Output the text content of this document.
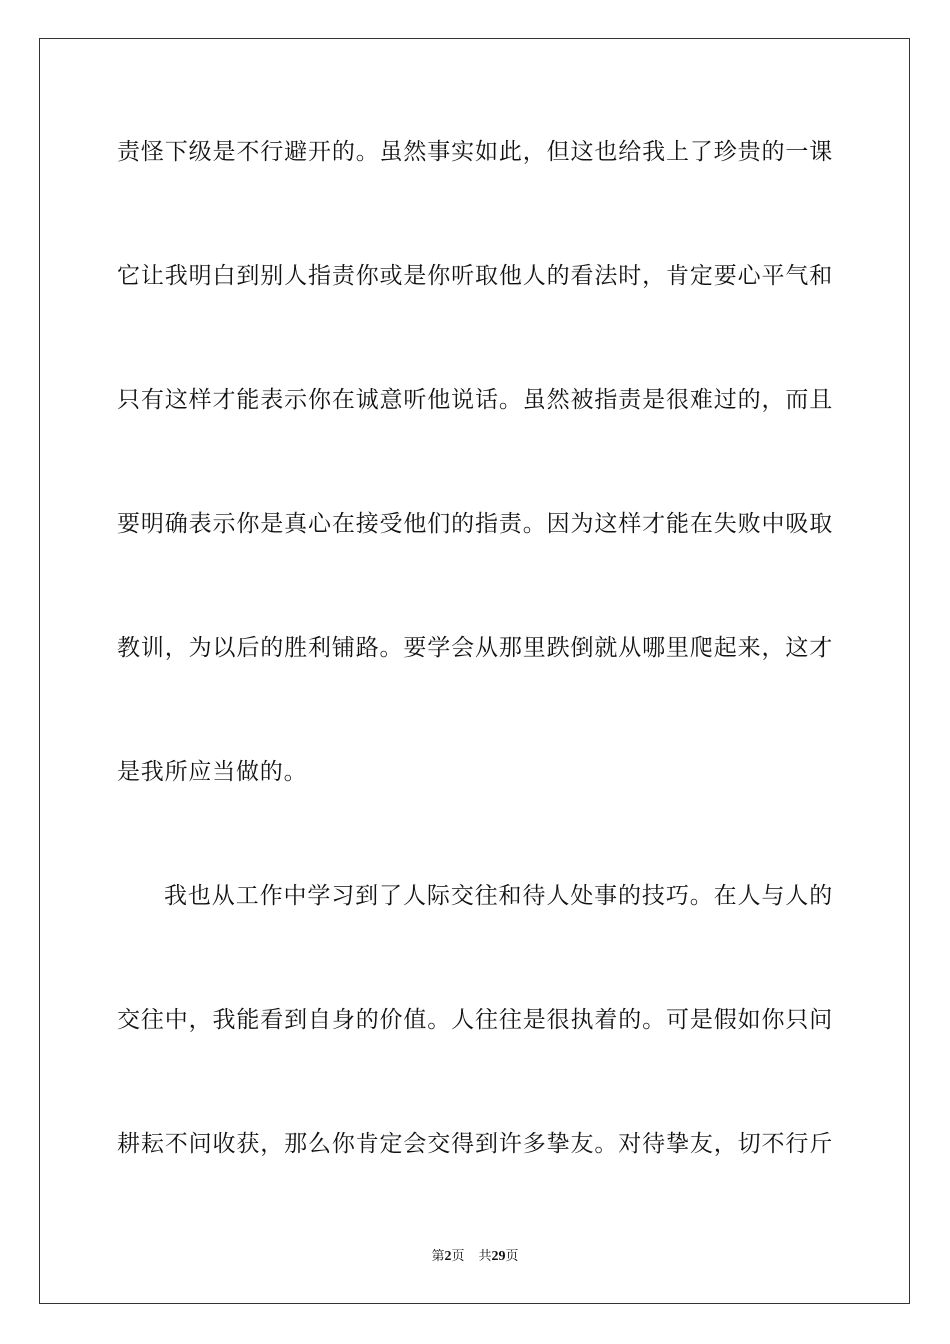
责怪下级是不行避开的。虽然事实如此，但这也给我上了珍贵的一课
它让我明白到别人指责你或是你听取他人的看法时，肯定要心平气和
只有这样才能表示你在诚意听他说话。虽然被指责是很难过的，而且
要明确表示你是真心在接受他们的指责。因为这样才能在失败中吸取
教训，为以后的胜利铺路。要学会从那里跌倒就从哪里爬起来，这才
是我所应当做的。
我也从工作中学习到了人际交往和待人处事的技巧。在人与人的
交往中，我能看到自身的价值。人往往是很执着的。可是假如你只问
耕耘不问收获，那么你肯定会交得到许多挚友。对待挚友，切不行斤
第2页 共29页
